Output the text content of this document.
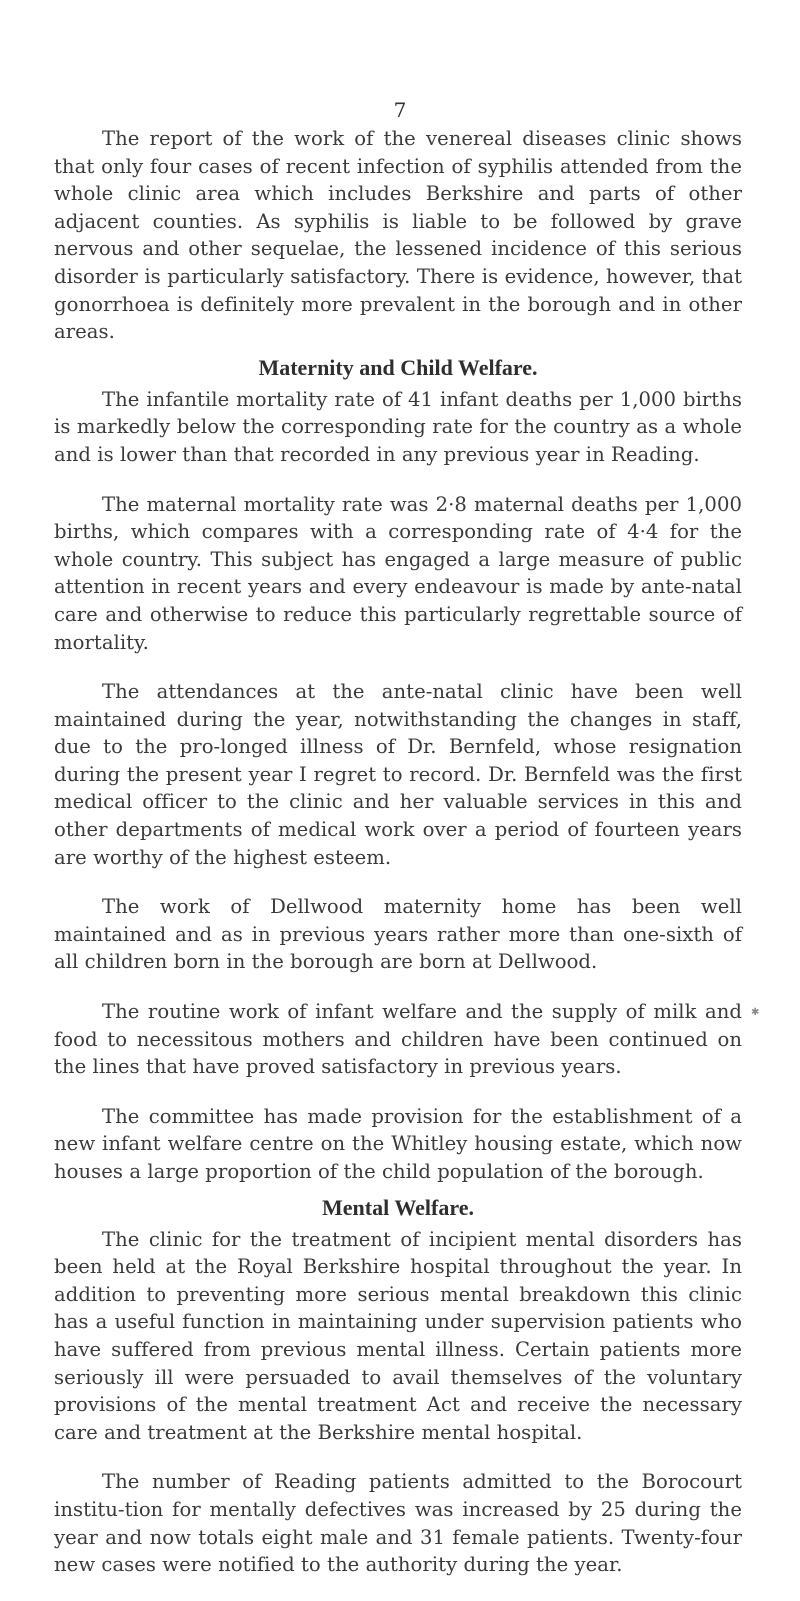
7

The report of the work of the venereal diseases clinic shows that only four cases of recent infection of syphilis attended from the whole clinic area which includes Berkshire and parts of other adjacent counties. As syphilis is liable to be followed by grave nervous and other sequelae, the lessened incidence of this serious disorder is particularly satisfactory. There is evidence, however, that gonorrhoea is definitely more prevalent in the borough and in other areas.

Maternity and Child Welfare.

The infantile mortality rate of 41 infant deaths per 1,000 births is markedly below the corresponding rate for the country as a whole and is lower than that recorded in any previous year in Reading.

The maternal mortality rate was 2·8 maternal deaths per 1,000 births, which compares with a corresponding rate of 4·4 for the whole country. This subject has engaged a large measure of public attention in recent years and every endeavour is made by ante-natal care and otherwise to reduce this particularly regrettable source of mortality.

The attendances at the ante-natal clinic have been well maintained during the year, notwithstanding the changes in staff, due to the pro-longed illness of Dr. Bernfeld, whose resignation during the present year I regret to record. Dr. Bernfeld was the first medical officer to the clinic and her valuable services in this and other departments of medical work over a period of fourteen years are worthy of the highest esteem.

The work of Dellwood maternity home has been well maintained and as in previous years rather more than one-sixth of all children born in the borough are born at Dellwood.

The routine work of infant welfare and the supply of milk and food to necessitous mothers and children have been continued on the lines that have proved satisfactory in previous years.

The committee has made provision for the establishment of a new infant welfare centre on the Whitley housing estate, which now houses a large proportion of the child population of the borough.

Mental Welfare.

The clinic for the treatment of incipient mental disorders has been held at the Royal Berkshire hospital throughout the year. In addition to preventing more serious mental breakdown this clinic has a useful function in maintaining under supervision patients who have suffered from previous mental illness. Certain patients more seriously ill were persuaded to avail themselves of the voluntary provisions of the mental treatment Act and receive the necessary care and treatment at the Berkshire mental hospital.

The number of Reading patients admitted to the Borocourt institu-tion for mentally defectives was increased by 25 during the year and now totals eight male and 31 female patients. Twenty-four new cases were notified to the authority during the year.

✱
